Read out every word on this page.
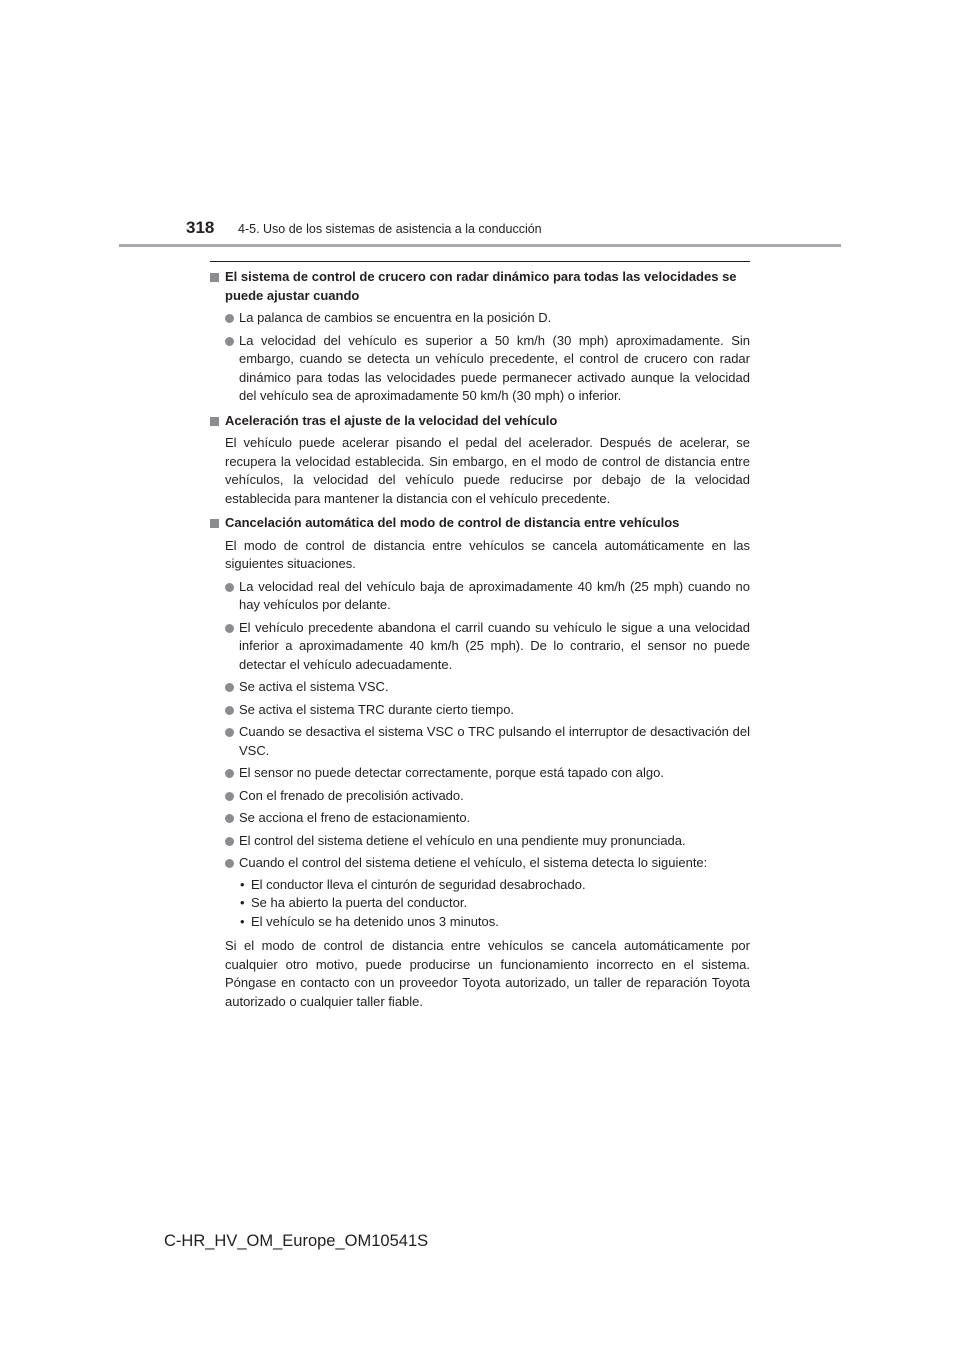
318 4-5. Uso de los sistemas de asistencia a la conducción
El sistema de control de crucero con radar dinámico para todas las velocidades se puede ajustar cuando
La palanca de cambios se encuentra en la posición D.
La velocidad del vehículo es superior a 50 km/h (30 mph) aproximadamente. Sin embargo, cuando se detecta un vehículo precedente, el control de crucero con radar dinámico para todas las velocidades puede permanecer activado aunque la velocidad del vehículo sea de aproximadamente 50 km/h (30 mph) o inferior.
Aceleración tras el ajuste de la velocidad del vehículo
El vehículo puede acelerar pisando el pedal del acelerador. Después de acelerar, se recupera la velocidad establecida. Sin embargo, en el modo de control de distancia entre vehículos, la velocidad del vehículo puede reducirse por debajo de la velocidad establecida para mantener la distancia con el vehículo precedente.
Cancelación automática del modo de control de distancia entre vehículos
El modo de control de distancia entre vehículos se cancela automáticamente en las siguientes situaciones.
La velocidad real del vehículo baja de aproximadamente 40 km/h (25 mph) cuando no hay vehículos por delante.
El vehículo precedente abandona el carril cuando su vehículo le sigue a una velocidad inferior a aproximadamente 40 km/h (25 mph). De lo contrario, el sensor no puede detectar el vehículo adecuadamente.
Se activa el sistema VSC.
Se activa el sistema TRC durante cierto tiempo.
Cuando se desactiva el sistema VSC o TRC pulsando el interruptor de desactivación del VSC.
El sensor no puede detectar correctamente, porque está tapado con algo.
Con el frenado de precolisión activado.
Se acciona el freno de estacionamiento.
El control del sistema detiene el vehículo en una pendiente muy pronunciada.
Cuando el control del sistema detiene el vehículo, el sistema detecta lo siguiente:
• El conductor lleva el cinturón de seguridad desabrochado.
• Se ha abierto la puerta del conductor.
• El vehículo se ha detenido unos 3 minutos.
Si el modo de control de distancia entre vehículos se cancela automáticamente por cualquier otro motivo, puede producirse un funcionamiento incorrecto en el sistema. Póngase en contacto con un proveedor Toyota autorizado, un taller de reparación Toyota autorizado o cualquier taller fiable.
C-HR_HV_OM_Europe_OM10541S
